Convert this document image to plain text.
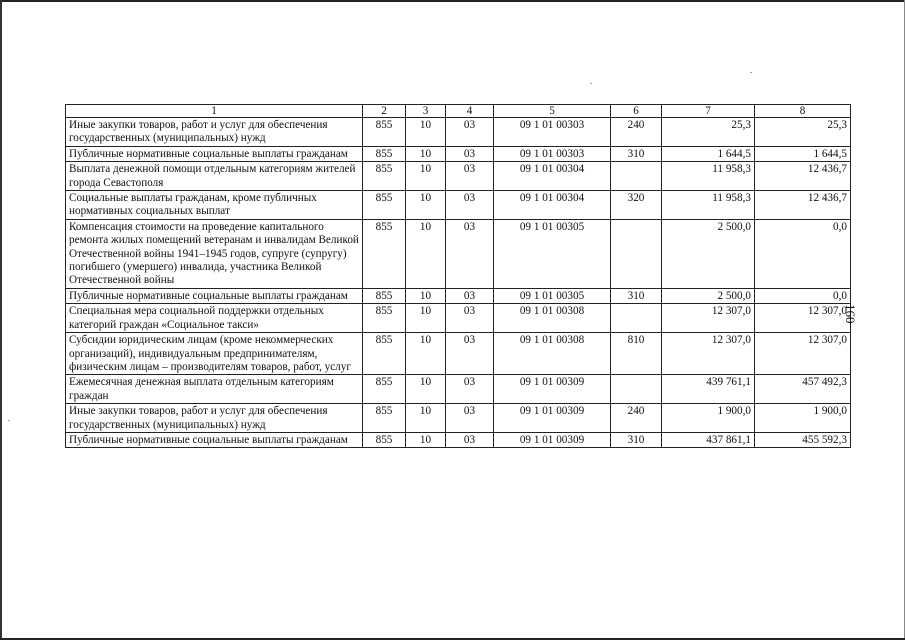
1	2	3	4	5	6	7	8
Иные закупки товаров, работ и услуг для обеспечения государственных (муниципальных) нужд	855	10	03	09 1 01 00303	240	25,3	25,3
Публичные нормативные социальные выплаты гражданам	855	10	03	09 1 01 00303	310	1 644,5	1 644,5
Выплата денежной помощи отдельным категориям жителей города Севастополя	855	10	03	09 1 01 00304		11 958,3	12 436,7
Социальные выплаты гражданам, кроме публичных нормативных социальных выплат	855	10	03	09 1 01 00304	320	11 958,3	12 436,7
Компенсация стоимости на проведение капитального ремонта жилых помещений ветеранам и инвалидам Великой Отечественной войны 1941–1945 годов, супруге (супругу) погибшего (умершего) инвалида, участника Великой Отечественной войны	855	10	03	09 1 01 00305		2 500,0	0,0
Публичные нормативные социальные выплаты гражданам	855	10	03	09 1 01 00305	310	2 500,0	0,0
Специальная мера социальной поддержки отдельных категорий граждан «Социальное такси»	855	10	03	09 1 01 00308		12 307,0	12 307,0
Субсидии юридическим лицам (кроме некоммерческих организаций), индивидуальным предпринимателям, физическим лицам – производителям товаров, работ, услуг	855	10	03	09 1 01 00308	810	12 307,0	12 307,0
Ежемесячная денежная выплата отдельным категориям граждан	855	10	03	09 1 01 00309		439 761,1	457 492,3
Иные закупки товаров, работ и услуг для обеспечения государственных (муниципальных) нужд	855	10	03	09 1 01 00309	240	1 900,0	1 900,0
Публичные нормативные социальные выплаты гражданам	855	10	03	09 1 01 00309	310	437 861,1	455 592,3
160
